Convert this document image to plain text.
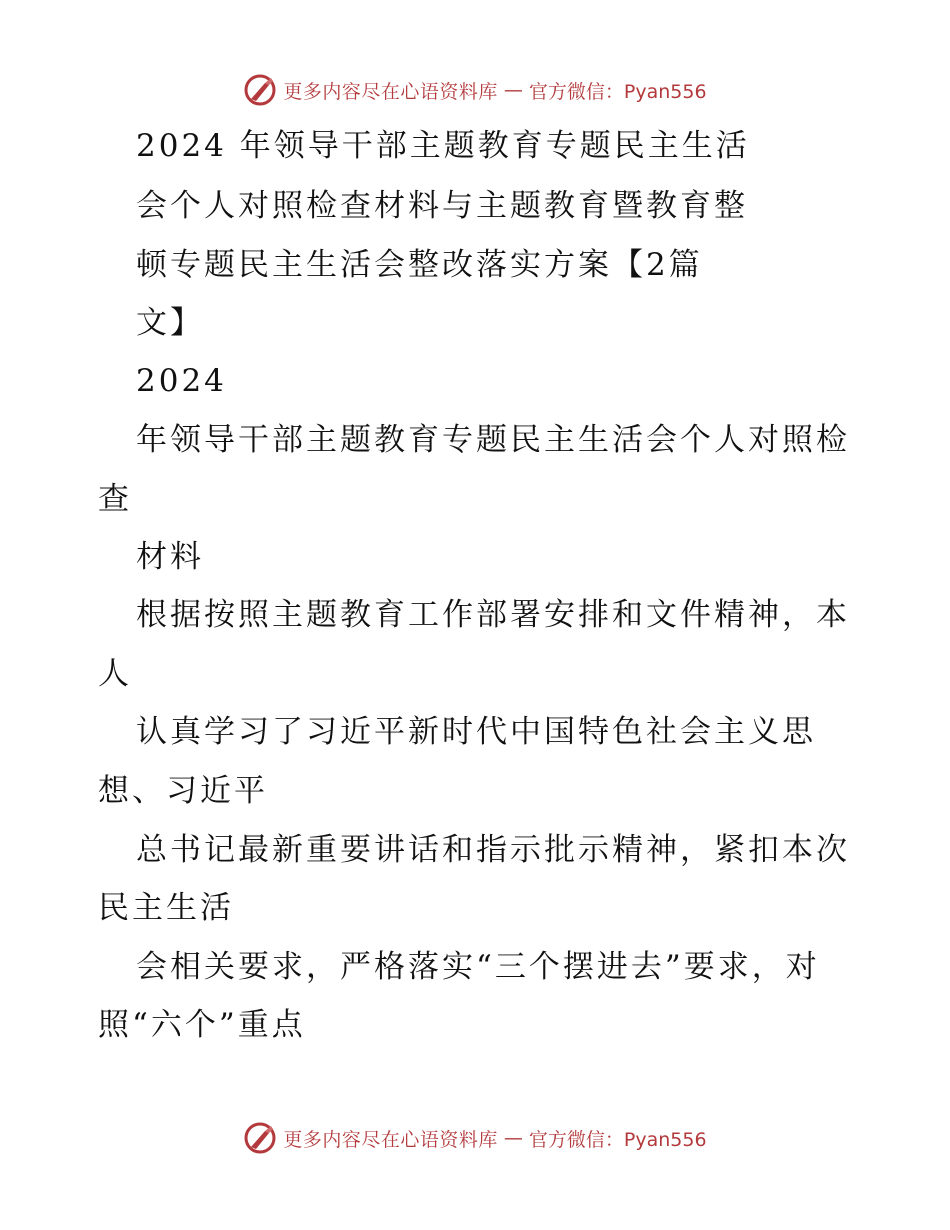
更多内容尽在心语资料库 — 官方微信：Pyan556
2024 年领导干部主题教育专题民主生活
会个人对照检查材料与主题教育暨教育整
顿专题民主生活会整改落实方案【2篇
文】
2024
年领导干部主题教育专题民主生活会个人对照检
查
材料
根据按照主题教育工作部署安排和文件精神，本
人
认真学习了习近平新时代中国特色社会主义思
想、习近平
总书记最新重要讲话和指示批示精神，紧扣本次
民主生活
会相关要求，严格落实“三个摆进去”要求，对
照“六个”重点
更多内容尽在心语资料库 — 官方微信：Pyan556
